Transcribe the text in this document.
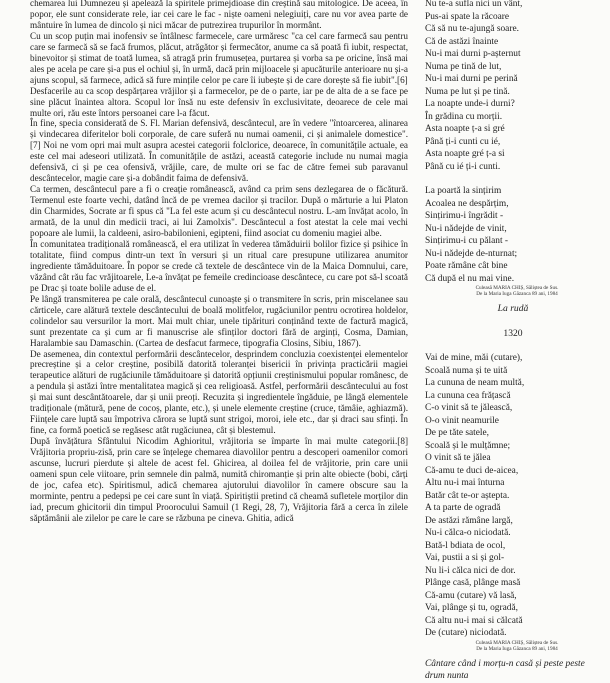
chemarea lui Dumnezeu și apelează la spiritele primejdioase din creștină sau mitologice. De aceea, în popor, ele sunt considerate rele, iar cei care le fac - niște oameni nelegiuiți, care nu vor avea parte de mântuire în lumea de dincolo și nici măcar de putrezirea trupurilor în mormânt.

Cu un scop puțin mai inofensiv se întâlnesc farmecele, care urmăresc "ca cel care farmecă sau pentru care se farmecă să se facă frumos, plăcut, atrăgător și fermecător, anume ca să poată fi iubit, respectat, binevoitor și stimat de toată lumea, să atragă prin frumusețea, purtarea și vorba sa pe oricine, însă mai ales pe acela pe care și-a pus el ochiul și, în urmă, dacă prin mijloacele și apucăturile anterioare nu și-a ajuns scopul, să farmece, adică să fure mințile celor pe care îi iubește și de care dorește să fie iubit".[6]

Desfacerile au ca scop despărțarea vrăjilor și a farmecelor, pe de o parte, iar pe de alta de a se face pe sine plăcut înaintea altora. Scopul lor însă nu este defensiv în exclusivitate, deoarece de cele mai multe ori, rău este întors persoanei care l-a făcut.

În fine, specia considerată de S. Fl. Marian defensivă, descântecul, are în vedere "întoarcerea, alinarea și vindecarea diferitelor boli corporale, de care suferă nu numai oamenii, ci și animalele domestice".[7] Noi ne vom opri mai mult asupra acestei categorii folclorice, deoarece, în comunitățile actuale, ea este cel mai adeseori utilizată. În comunitățile de astăzi, această categorie include nu numai magia defensivă, ci și pe cea ofensivă, vrăjile, care, de multe ori se fac de către femei sub paravanul descântecelor, magie care și-a dobândit faima de defensivă.

Ca termen, descântecul pare a fi o creație românească, având ca prim sens dezlegarea de o făcătură. Termenul este foarte vechi, datând încă de pe vremea dacilor și tracilor. După o mărturie a lui Platon din Charmides, Socrate ar fi spus că "La fel este acum și cu descântecul nostru. L-am învățat acolo, în armată, de la unul din medicii traci, ai lui Zamolxis". Descântecul a fost atestat la cele mai vechi popoare ale lumii, la caldeeni, asiro-babilonieni, egipteni, fiind asociat cu domeniu magiei albe.

În comunitatea tradițională românească, el era utilizat în vederea tămăduirii bolilor fizice și psihice în totalitate, fiind compus dintr-un text în versuri și un ritual care presupune utilizarea anumitor ingrediente tămăduitoare. În popor se crede că textele de descântece vin de la Maica Domnului, care, văzând cât rău fac vrăjitoarele, Le-a învățat pe femeile credincioase descântece, cu care pot să-l scoată pe Drac și toate bolile aduse de el.

Pe lângă transmiterea pe cale orală, descântecul cunoaște și o transmitere în scris, prin miscelanee sau cărticele, care alătură textele descântecului de boală molitfelor, rugăciunilor pentru ocrotirea holdelor, colindelor sau versurilor la mort. Mai mult chiar, unele tipărituri conținând texte de factură magică, sunt prezentate ca și cum ar fi manuscrise ale sfinților doctori fără de arginți, Cosma, Damian, Haralambie sau Damaschin. (Cartea de desfacut farmece, tipografia Closins, Sibiu, 1867).

De asemenea, din contextul performării descântecelor, desprindem concluzia coexistenței elementelor precreștine și a celor creștine, posibilă datorită toleranței bisericii în privința practicării magiei terapeutice alături de rugăciunile tămăduitoare și datorită opțiunii creștinismului popular românesc, de a pendula și astăzi între mentalitatea magică și cea religioasă. Astfel, performării descântecului au fost și mai sunt descântătoarele, dar și unii preoți. Recuzita și ingredientele îngăduie, pe lângă elementele tradiționale (mătură, pene de cocoș, plante, etc.), și unele elemente creștine (cruce, tămâie, aghiazmă). Ființele care luptă sau împotriva cărora se luptă sunt strigoi, moroi, iele etc., dar și draci sau sfinți. În fine, ca formă poetică se regăsesc atât rugăciunea, cât și blestemul.

După învățătura Sfântului Nicodim Aghioritul, vrăjitoria se împarte în mai multe categorii.[8] Vrăjitoria propriu-zisă, prin care se înțelege chemarea diavolilor pentru a descoperi oamenilor comori ascunse, lucruri pierdute și altele de acest fel. Ghicirea, al doilea fel de vrăjitorie, prin care unii oameni spun cele viitoare, prin semnele din palmă, numită chiromanție și prin alte obiecte (bobi, cărți de joc, cafea etc). Spiritismul, adică chemarea ajutorului diavolilor în camere obscure sau la morminte, pentru a pedepsi pe cei care sunt în viață. Spiritiștii pretind că cheamă sufletele morților din iad, precum ghicitorii din timpul Proorocului Samuil (1 Regi, 28, 7), Vrăjitoria fără a cerca în zilele săptămânii ale zilelor pe care le care se răzbuna pe cineva. Ghitia, adică

Nu te-a sufla nici un vânt,
Pus-ai spate la răcoare
Că să nu te-ajungă soare.
Că de astăzi înainte
Nu-i mai durni p-așternut
Numa pe tină de lut,
Nu-i mai durni pe perină
Numa pe lut și pe tină.
La noapte unde-i durni?
În grădina cu morții.
Asta noapte ț-a si gré
Până ți-i cunti cu ié,
Asta noapte gré ț-a si
Până cu ié ți-i cunti.
La poartă la sințirim
Acoalea ne despărțim,
Sințirimu-i îngrădit -
Nu-i nădejde de vinit,
Sințirimu-i cu pălant -
Nu-i nădejde de-nturnat;
Poate rămâne cât bine
Că după el nu mai vine.
Culeasă MARIA CHIȘ, Săliștea de Sus.
De la Maria Iuga Găzanca 89 ani, 1984
La rudă
1320
Vai de mine, măi (cutare),
Scoală numa și te uită
La cununa de neam multă,
La cununa cea frățască
C-o vinit să te jălească,
O-o vinit neamurile
De pe tăte satele,
Scoală și le mulțămnе;
O vinit să te jălea
Că-amu te duci de-aicea,
Altu nu-i mai înturna
Batăr cât te-or așteptа.
A ta parte de ogradă
De astăzi rămâne largă,
Nu-i călca-o niciodată.
Bată-l bdiata de ocol,
Vai, pustii a si și gol-
Nu li-i călca nici de dor.
Plânge casă, plânge masă
Că-amu (cutare) vă lasă,
Vai, plânge și tu, ogradă,
Că altu nu-i mai si călcată
De (cutare) niciodată.
Culeasă MARIA CHIȘ, Săliștea de Sus.
De la Maria Iuga Găzanca 89 ani, 1984
Cântare când i morțu-n casă și peste peste drum nunta
